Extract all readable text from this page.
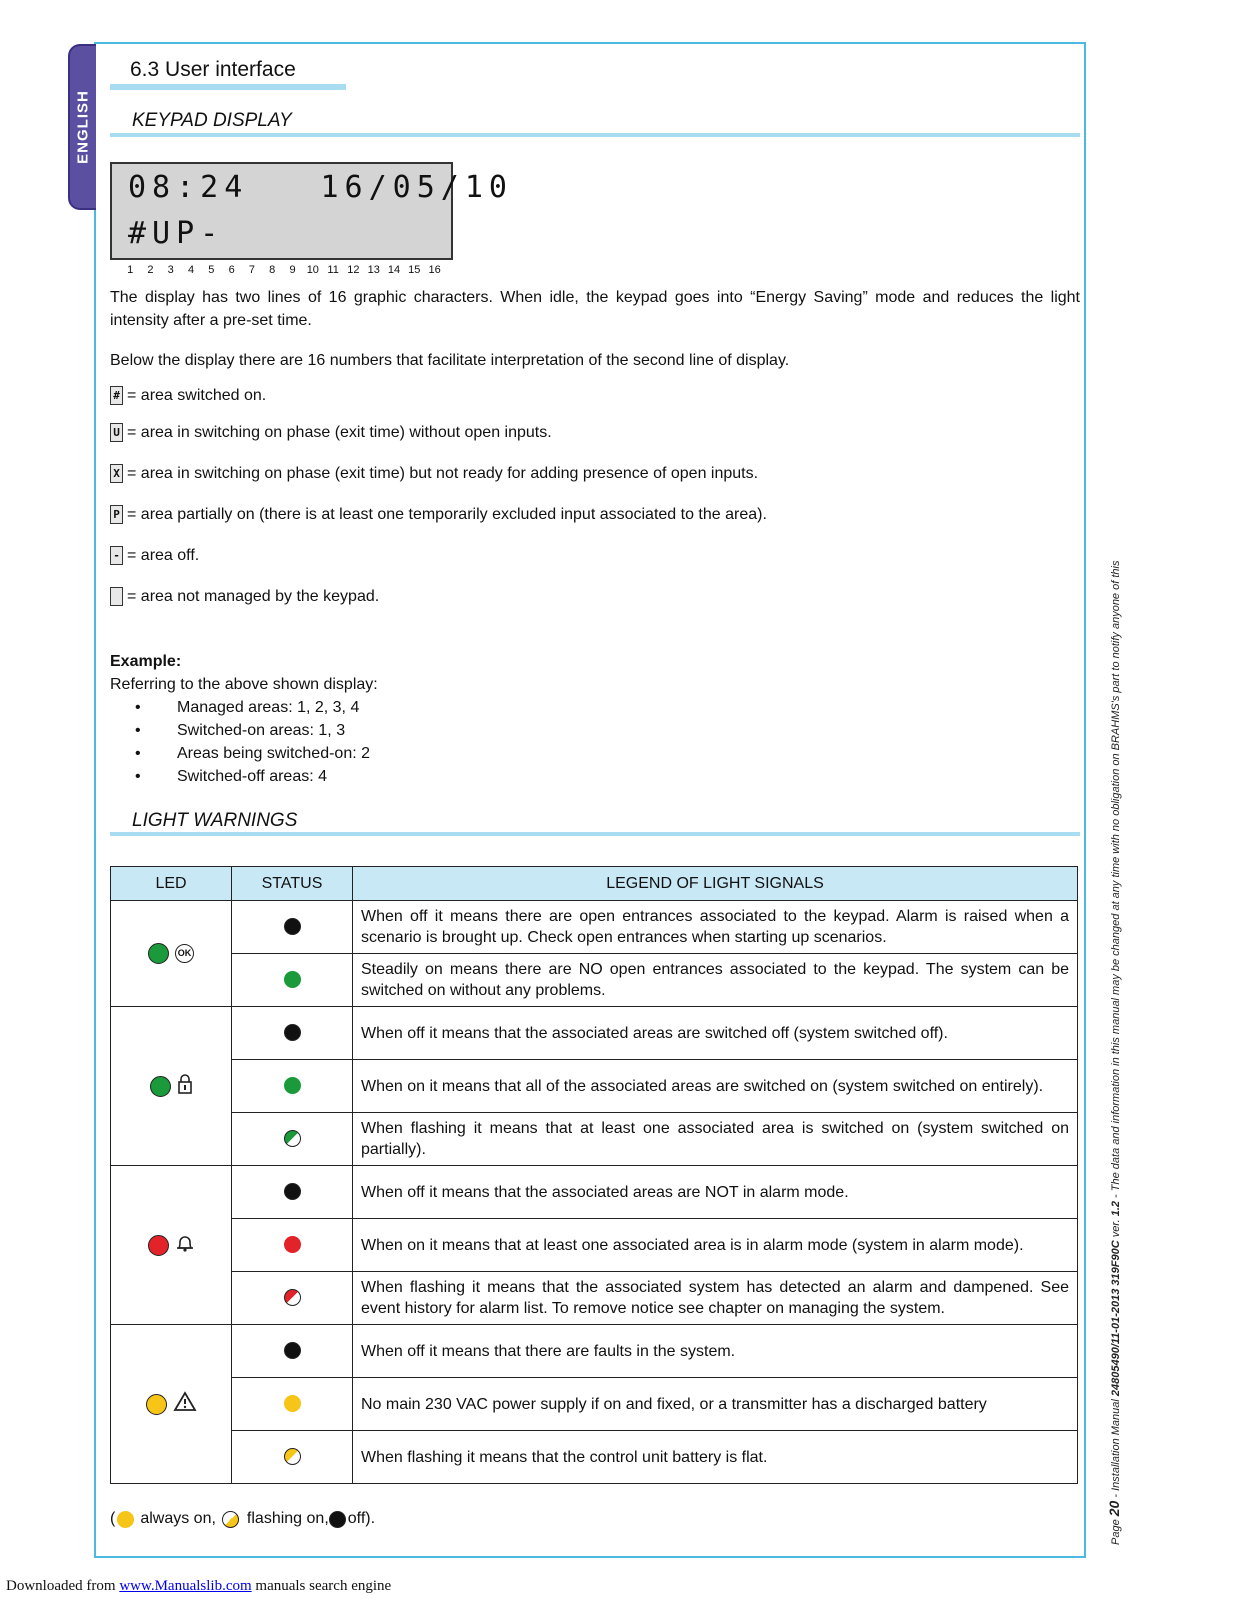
ENGLISH
6.3 User interface
KEYPAD DISPLAY
08:24   16/05/10
#UP-
1	2	3	4	5	6	7	8	9	10 11 12 13 14 15 16
The display has two lines of 16 graphic characters. When idle, the keypad goes into “Energy Saving” mode and reduces the light intensity after a pre-set time.
Below the display there are 16 numbers that facilitate interpretation of the second line of display.
# = area switched on.
U = area in switching on phase (exit time) without open inputs.
X = area in switching on phase (exit time) but not ready for adding presence of open inputs.
P = area partially on (there is at least one temporarily excluded input associated to the area).
- = area off.
= area not managed by the keypad.
Example:
Referring to the above shown display:
• Managed areas: 1, 2, 3, 4
• Switched-on areas: 1, 3
• Areas being switched-on: 2
• Switched-off areas: 4
LIGHT WARNINGS
LED	STATUS	LEGEND OF LIGHT SIGNALS
OK		When off it means there are open entrances associated to the keypad. Alarm is raised when a scenario is brought up. Check open entrances when starting up scenarios.
		Steadily on means there are NO open entrances associated to the keypad. The system can be switched on without any problems.
		When off it means that the associated areas are switched off (system switched off).
		When on it means that all of the associated areas are switched on (system switched on entirely).
		When flashing it means that at least one associated area is switched on (system switched on partially).
		When off it means that the associated areas are NOT in alarm mode.
		When on it means that at least one associated area is in alarm mode (system in alarm mode).
		When flashing it means that the associated system has detected an alarm and dampened. See event history for alarm list. To remove notice see chapter on managing the system.
		When off it means that there are faults in the system.
		No main 230 VAC power supply if on and fixed, or a transmitter has a discharged battery
		When flashing it means that the control unit battery is flat.
( always on, flashing on, off).	Page 20 - Installation Manual 24805490/11-01-2013 319F90C ver. 1.2 - The data and information in this manual may be changed at any time with no obligation on BRAHMS's part to notify anyone of this
Downloaded from www.Manualslib.com manuals search engine
